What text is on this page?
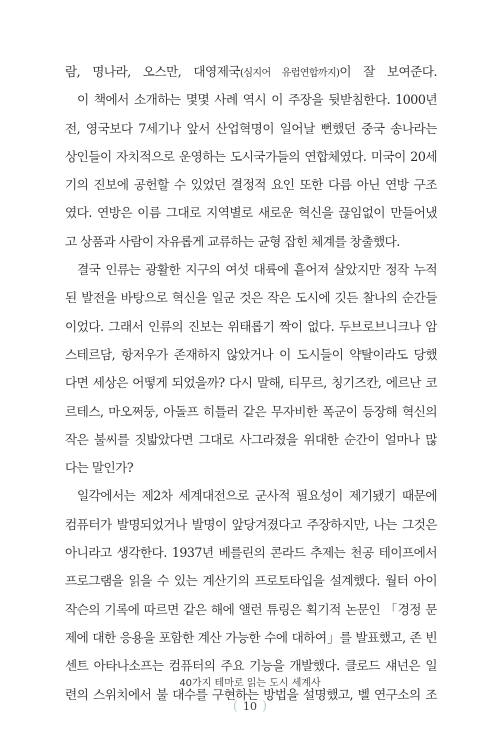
람, 명나라, 오스만, 대영제국(심지어 유럽연합까지)이 잘 보여준다.

이 책에서 소개하는 몇몇 사례 역시 이 주장을 뒷받침한다. 1000년
전, 영국보다 7세기나 앞서 산업혁명이 일어날 뻔했던 중국 송나라는
상인들이 자치적으로 운영하는 도시국가들의 연합체였다. 미국이 20세
기의 진보에 공헌할 수 있었던 결정적 요인 또한 다름 아닌 연방 구조
였다. 연방은 이름 그대로 지역별로 새로운 혁신을 끊임없이 만들어냈
고 상품과 사람이 자유롭게 교류하는 균형 잡힌 체계를 창출했다.

결국 인류는 광활한 지구의 여섯 대륙에 흩어져 살았지만 정작 누적
된 발전을 바탕으로 혁신을 일군 것은 작은 도시에 깃든 찰나의 순간들
이었다. 그래서 인류의 진보는 위태롭기 짝이 없다. 두브로브니크나 암
스테르담, 항저우가 존재하지 않았거나 이 도시들이 약탈이라도 당했
다면 세상은 어떻게 되었을까? 다시 말해, 티무르, 칭기즈칸, 에르난 코
르테스, 마오쩌둥, 아돌프 히틀러 같은 무자비한 폭군이 등장해 혁신의
작은 불씨를 짓밟았다면 그대로 사그라졌을 위대한 순간이 얼마나 많
다는 말인가?

일각에서는 제2차 세계대전으로 군사적 필요성이 제기됐기 때문에
컴퓨터가 발명되었거나 발명이 앞당겨졌다고 주장하지만, 나는 그것은
아니라고 생각한다. 1937년 베를린의 콘라드 추제는 천공 테이프에서
프로그램을 읽을 수 있는 계산기의 프로토타입을 설계했다. 월터 아이
작슨의 기록에 따르면 같은 해에 앨런 튜링은 획기적 논문인 「경정 문
제에 대한 응용을 포함한 계산 가능한 수에 대하여」를 발표했고, 존 빈
센트 아타나소프는 컴퓨터의 주요 기능을 개발했다. 클로드 섀넌은 일
련의 스위치에서 불 대수를 구현하는 방법을 설명했고, 벨 연구소의 조

40가지 테마로 읽는 도시 세계사
( 10 )
